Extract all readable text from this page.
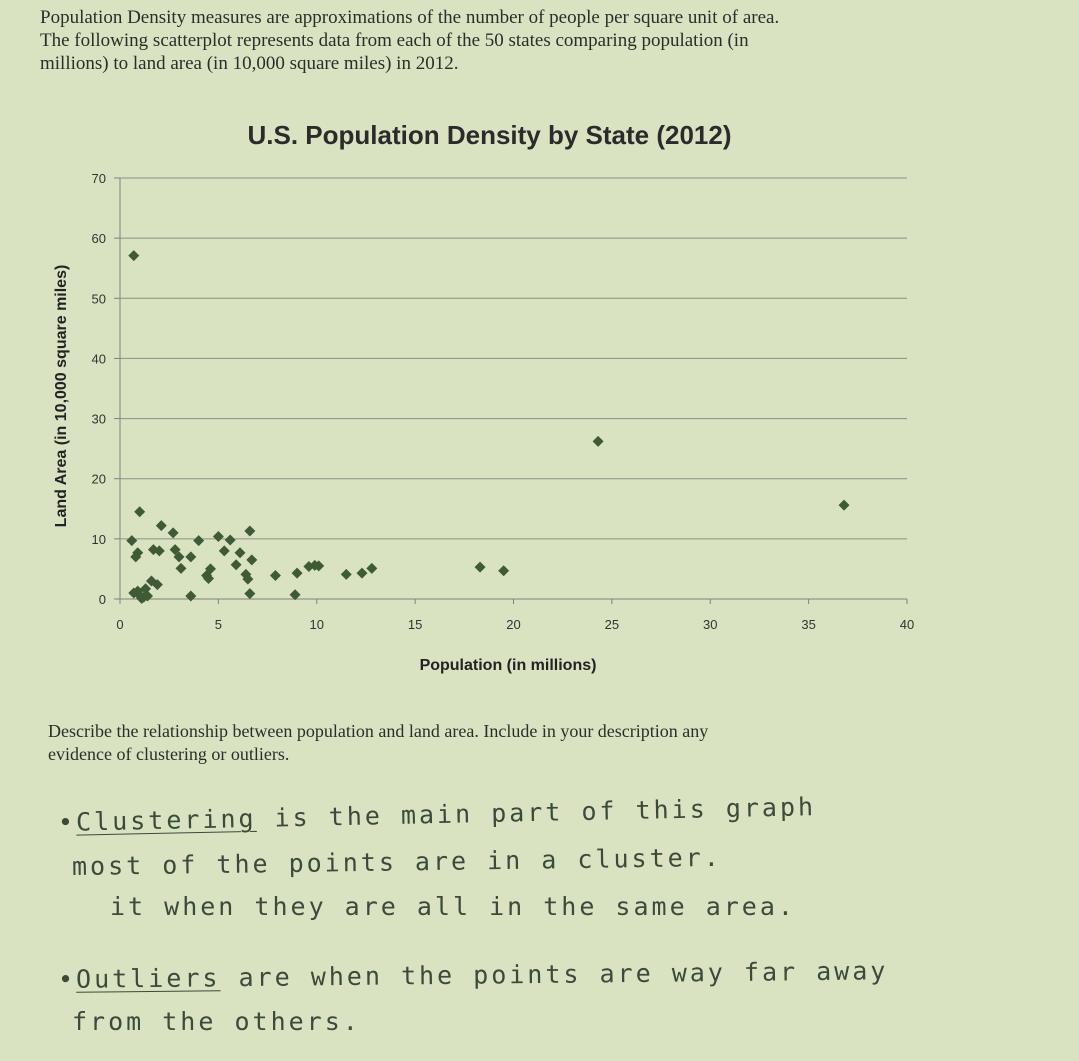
Population Density measures are approximations of the number of people per square unit of area.

The following scatterplot represents data from each of the 50 states comparing population (in

millions) to land area (in 10,000 square miles) in 2012.

U.S. Population Density by State (2012)
0	5	10	15	20	25	30	35	40
0
10
20
30
40
50
60
70
Population (in millions)
Land Area (in 10,000 square miles)

Describe the relationship between population and land area. Include in your description any

evidence of clustering or outliers.

•Clustering is the main part of this graph
most of the points are in a cluster.
it when they are all in the same area.
•Outliers are when the points are way far away
from the others.
